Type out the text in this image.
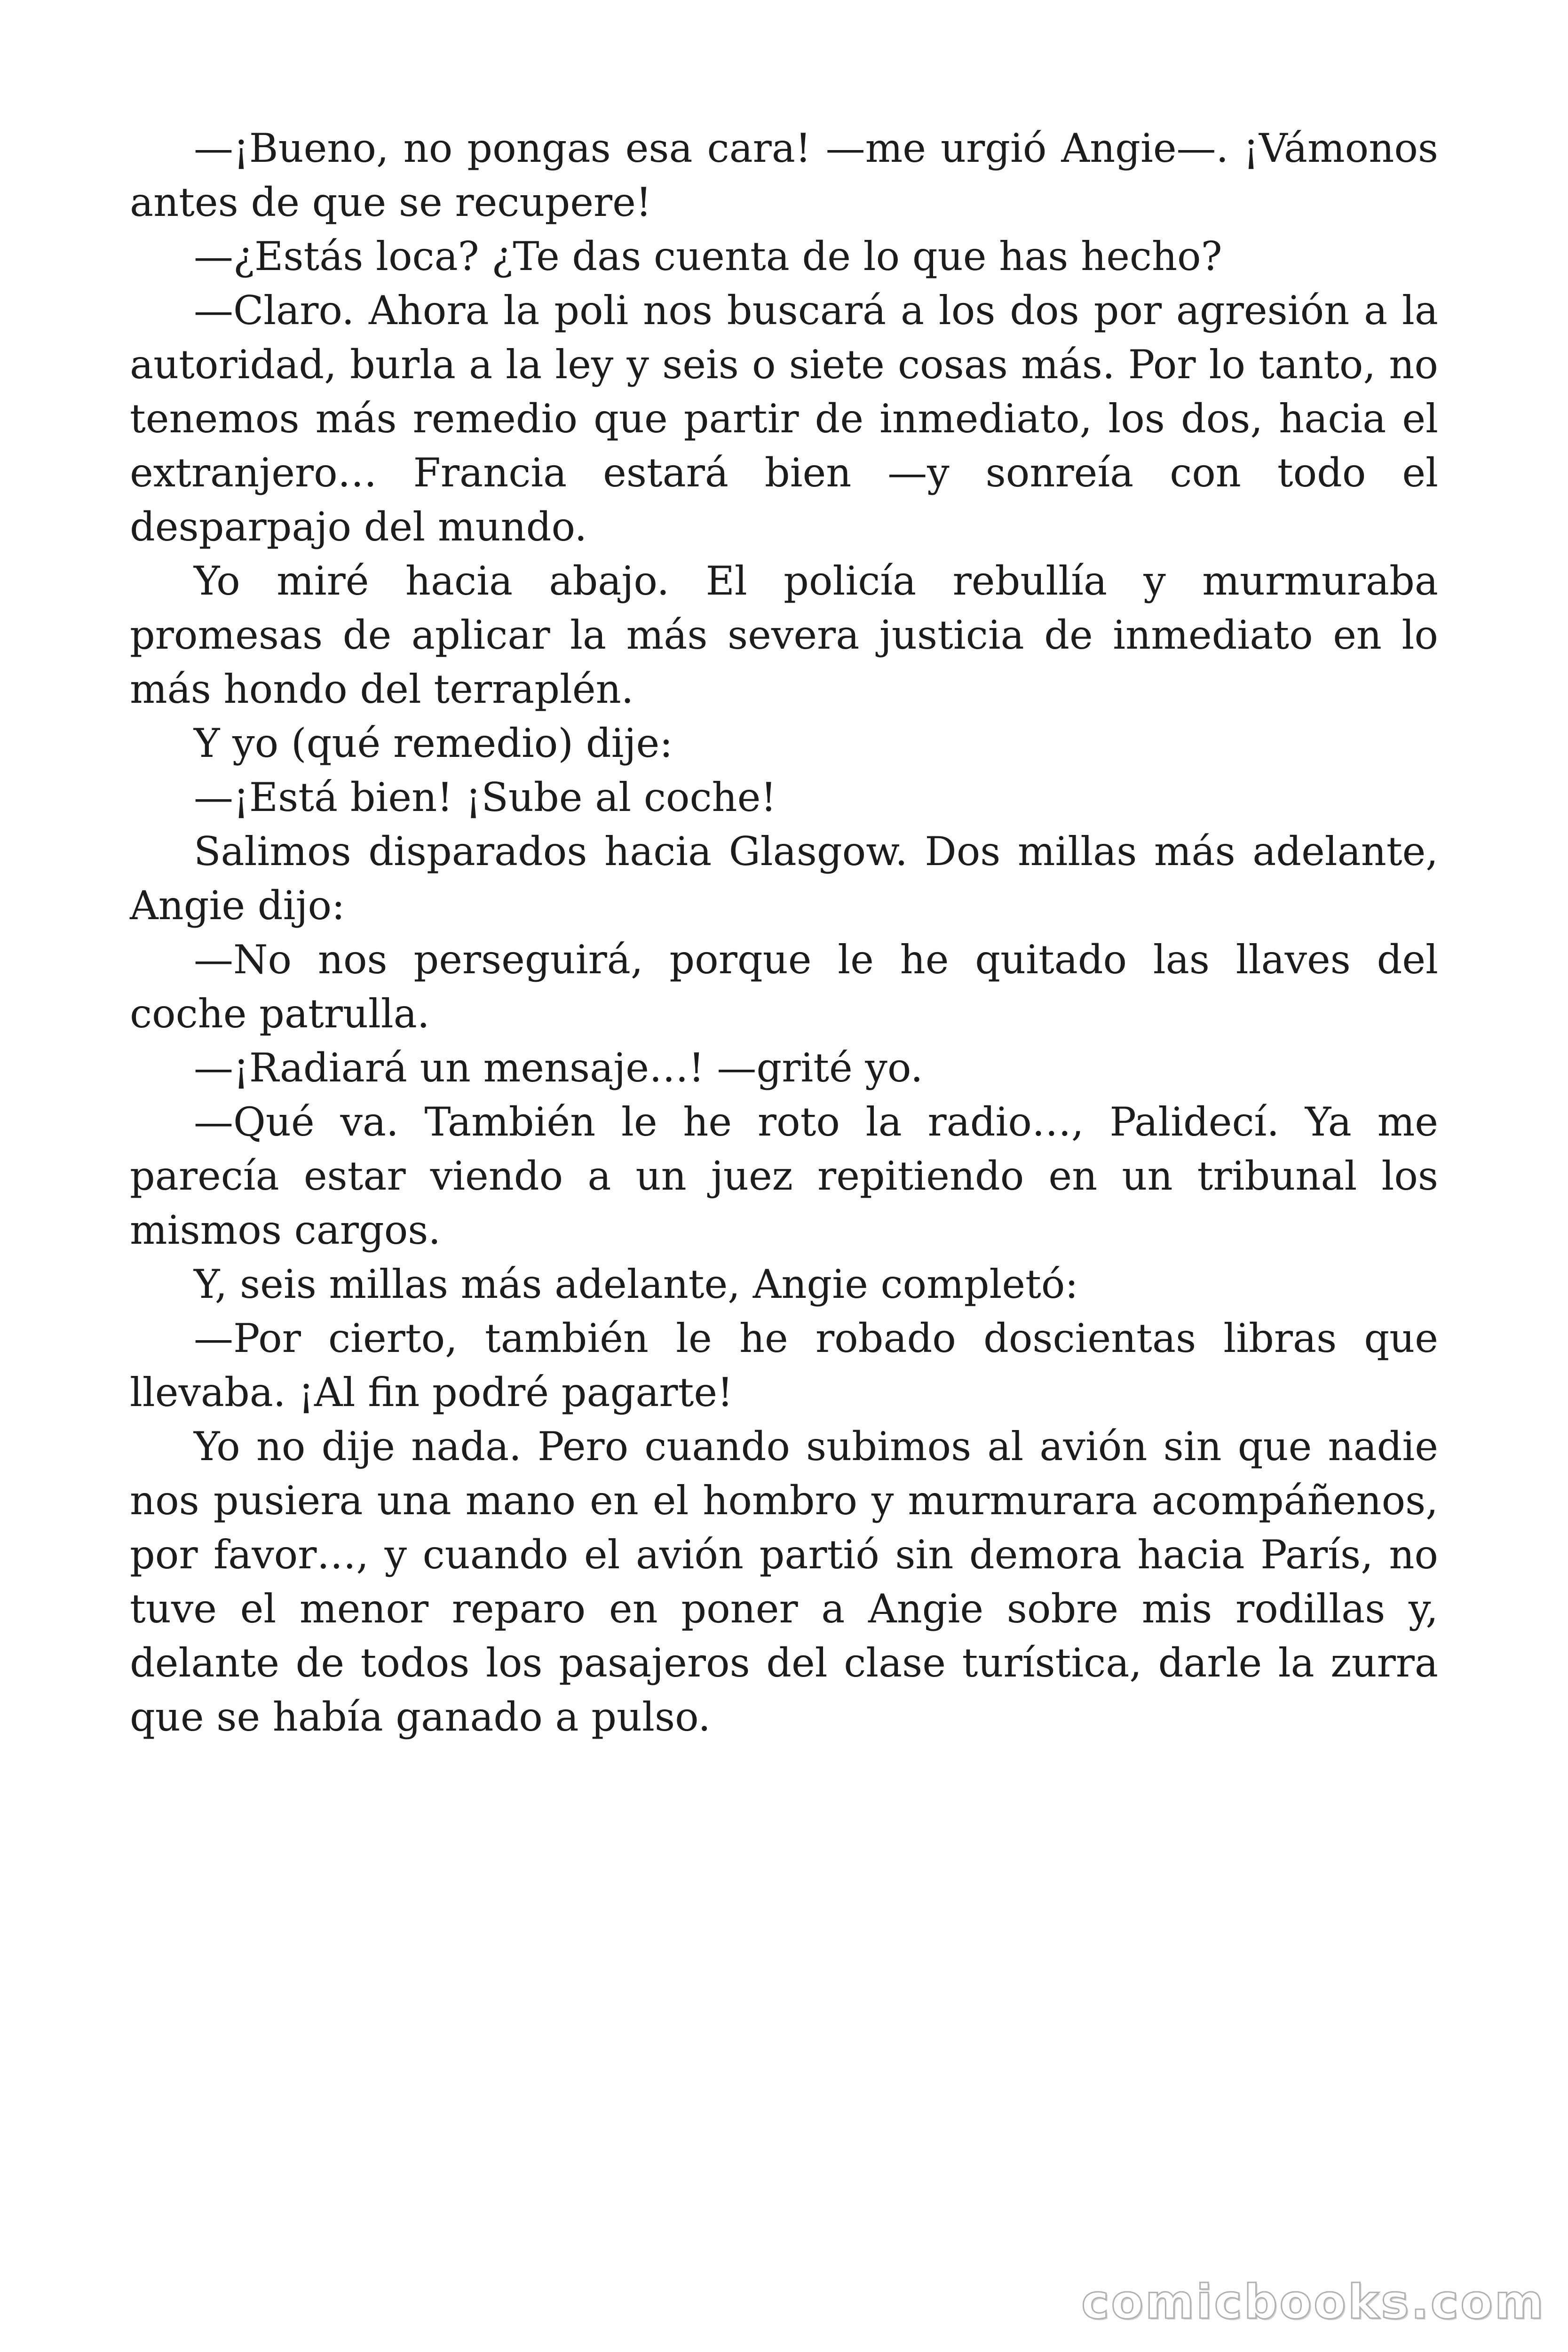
—¡Bueno, no pongas esa cara! —me urgió Angie—. ¡Vámonos antes de que se recupere!

—¿Estás loca? ¿Te das cuenta de lo que has hecho?

—Claro. Ahora la poli nos buscará a los dos por agresión a la autoridad, burla a la ley y seis o siete cosas más. Por lo tanto, no tenemos más remedio que partir de inmediato, los dos, hacia el extranjero… Francia estará bien —y sonreía con todo el desparpajo del mundo.

Yo miré hacia abajo. El policía rebullía y murmuraba promesas de aplicar la más severa justicia de inmediato en lo más hondo del terraplén.

Y yo (qué remedio) dije:

—¡Está bien! ¡Sube al coche!

Salimos disparados hacia Glasgow. Dos millas más adelante, Angie dijo:

—No nos perseguirá, porque le he quitado las llaves del coche patrulla.

—¡Radiará un mensaje…! —grité yo.

—Qué va. También le he roto la radio…, Palidecí. Ya me parecía estar viendo a un juez repitiendo en un tribunal los mismos cargos.

Y, seis millas más adelante, Angie completó:

—Por cierto, también le he robado doscientas libras que llevaba. ¡Al fin podré pagarte!

Yo no dije nada. Pero cuando subimos al avión sin que nadie nos pusiera una mano en el hombro y murmurara acompáñenos, por favor…, y cuando el avión partió sin demora hacia París, no tuve el menor reparo en poner a Angie sobre mis rodillas y, delante de todos los pasajeros del clase turística, darle la zurra que se había ganado a pulso.

comicbooks.com
